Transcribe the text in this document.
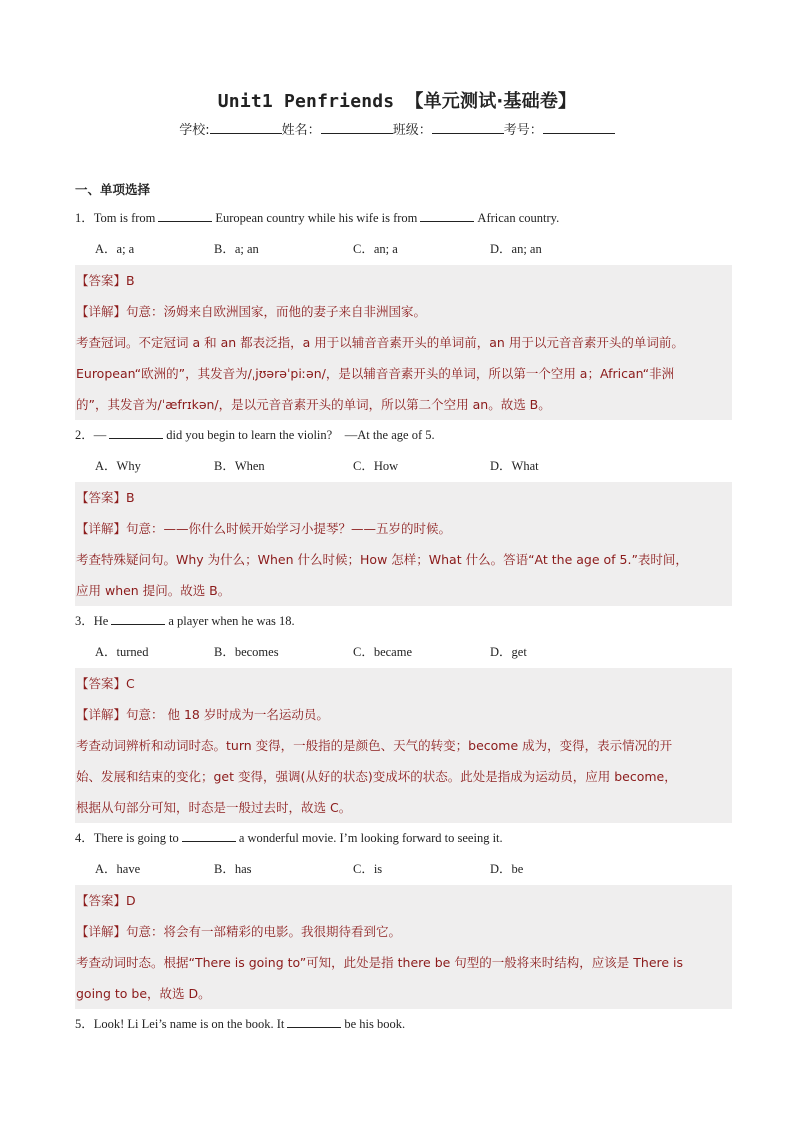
Unit1 Penfriends 【单元测试·基础卷】
学校:	姓名：	班级：	考号：
一、单项选择
1．Tom is from	European country while his wife is from	African country.
A．a; a	B．a; an	C．an; a	D．an; an
【答案】B
【详解】句意：汤姆来自欧洲国家，而他的妻子来自非洲国家。
考查冠词。不定冠词 a 和 an 都表泛指，a 用于以辅音音素开头的单词前，an 用于以元音音素开头的单词前。
European“欧洲的”，其发音为/ˌjʊərəˈpiːən/，是以辅音音素开头的单词，所以第一个空用 a；African“非洲
的”，其发音为/ˈæfrɪkən/，是以元音音素开头的单词，所以第二个空用 an。故选 B。
2．—	did you begin to learn the violin?　—At the age of 5.
A．Why	B．When	C．How	D．What
【答案】B
【详解】句意：——你什么时候开始学习小提琴？——五岁的时候。
考查特殊疑问句。Why 为什么；When 什么时候；How 怎样；What 什么。答语“At the age of 5.”表时间，
应用 when 提问。故选 B。
3．He	a player when he was 18.
A．turned	B．becomes	C．became	D．get
【答案】C
【详解】句意： 他 18 岁时成为一名运动员。
考查动词辨析和动词时态。turn 变得，一般指的是颜色、天气的转变；become 成为，变得，表示情况的开
始、发展和结束的变化；get 变得，强调(从好的状态)变成坏的状态。此处是指成为运动员，应用 become，
根据从句部分可知，时态是一般过去时，故选 C。
4．There is going to	a wonderful movie. I’m looking forward to seeing it.
A．have	B．has	C．is	D．be
【答案】D
【详解】句意：将会有一部精彩的电影。我很期待看到它。
考查动词时态。根据“There is going to”可知，此处是指 there be 句型的一般将来时结构，应该是 There is
going to be，故选 D。
5．Look! Li Lei’s name is on the book. It	be his book.
